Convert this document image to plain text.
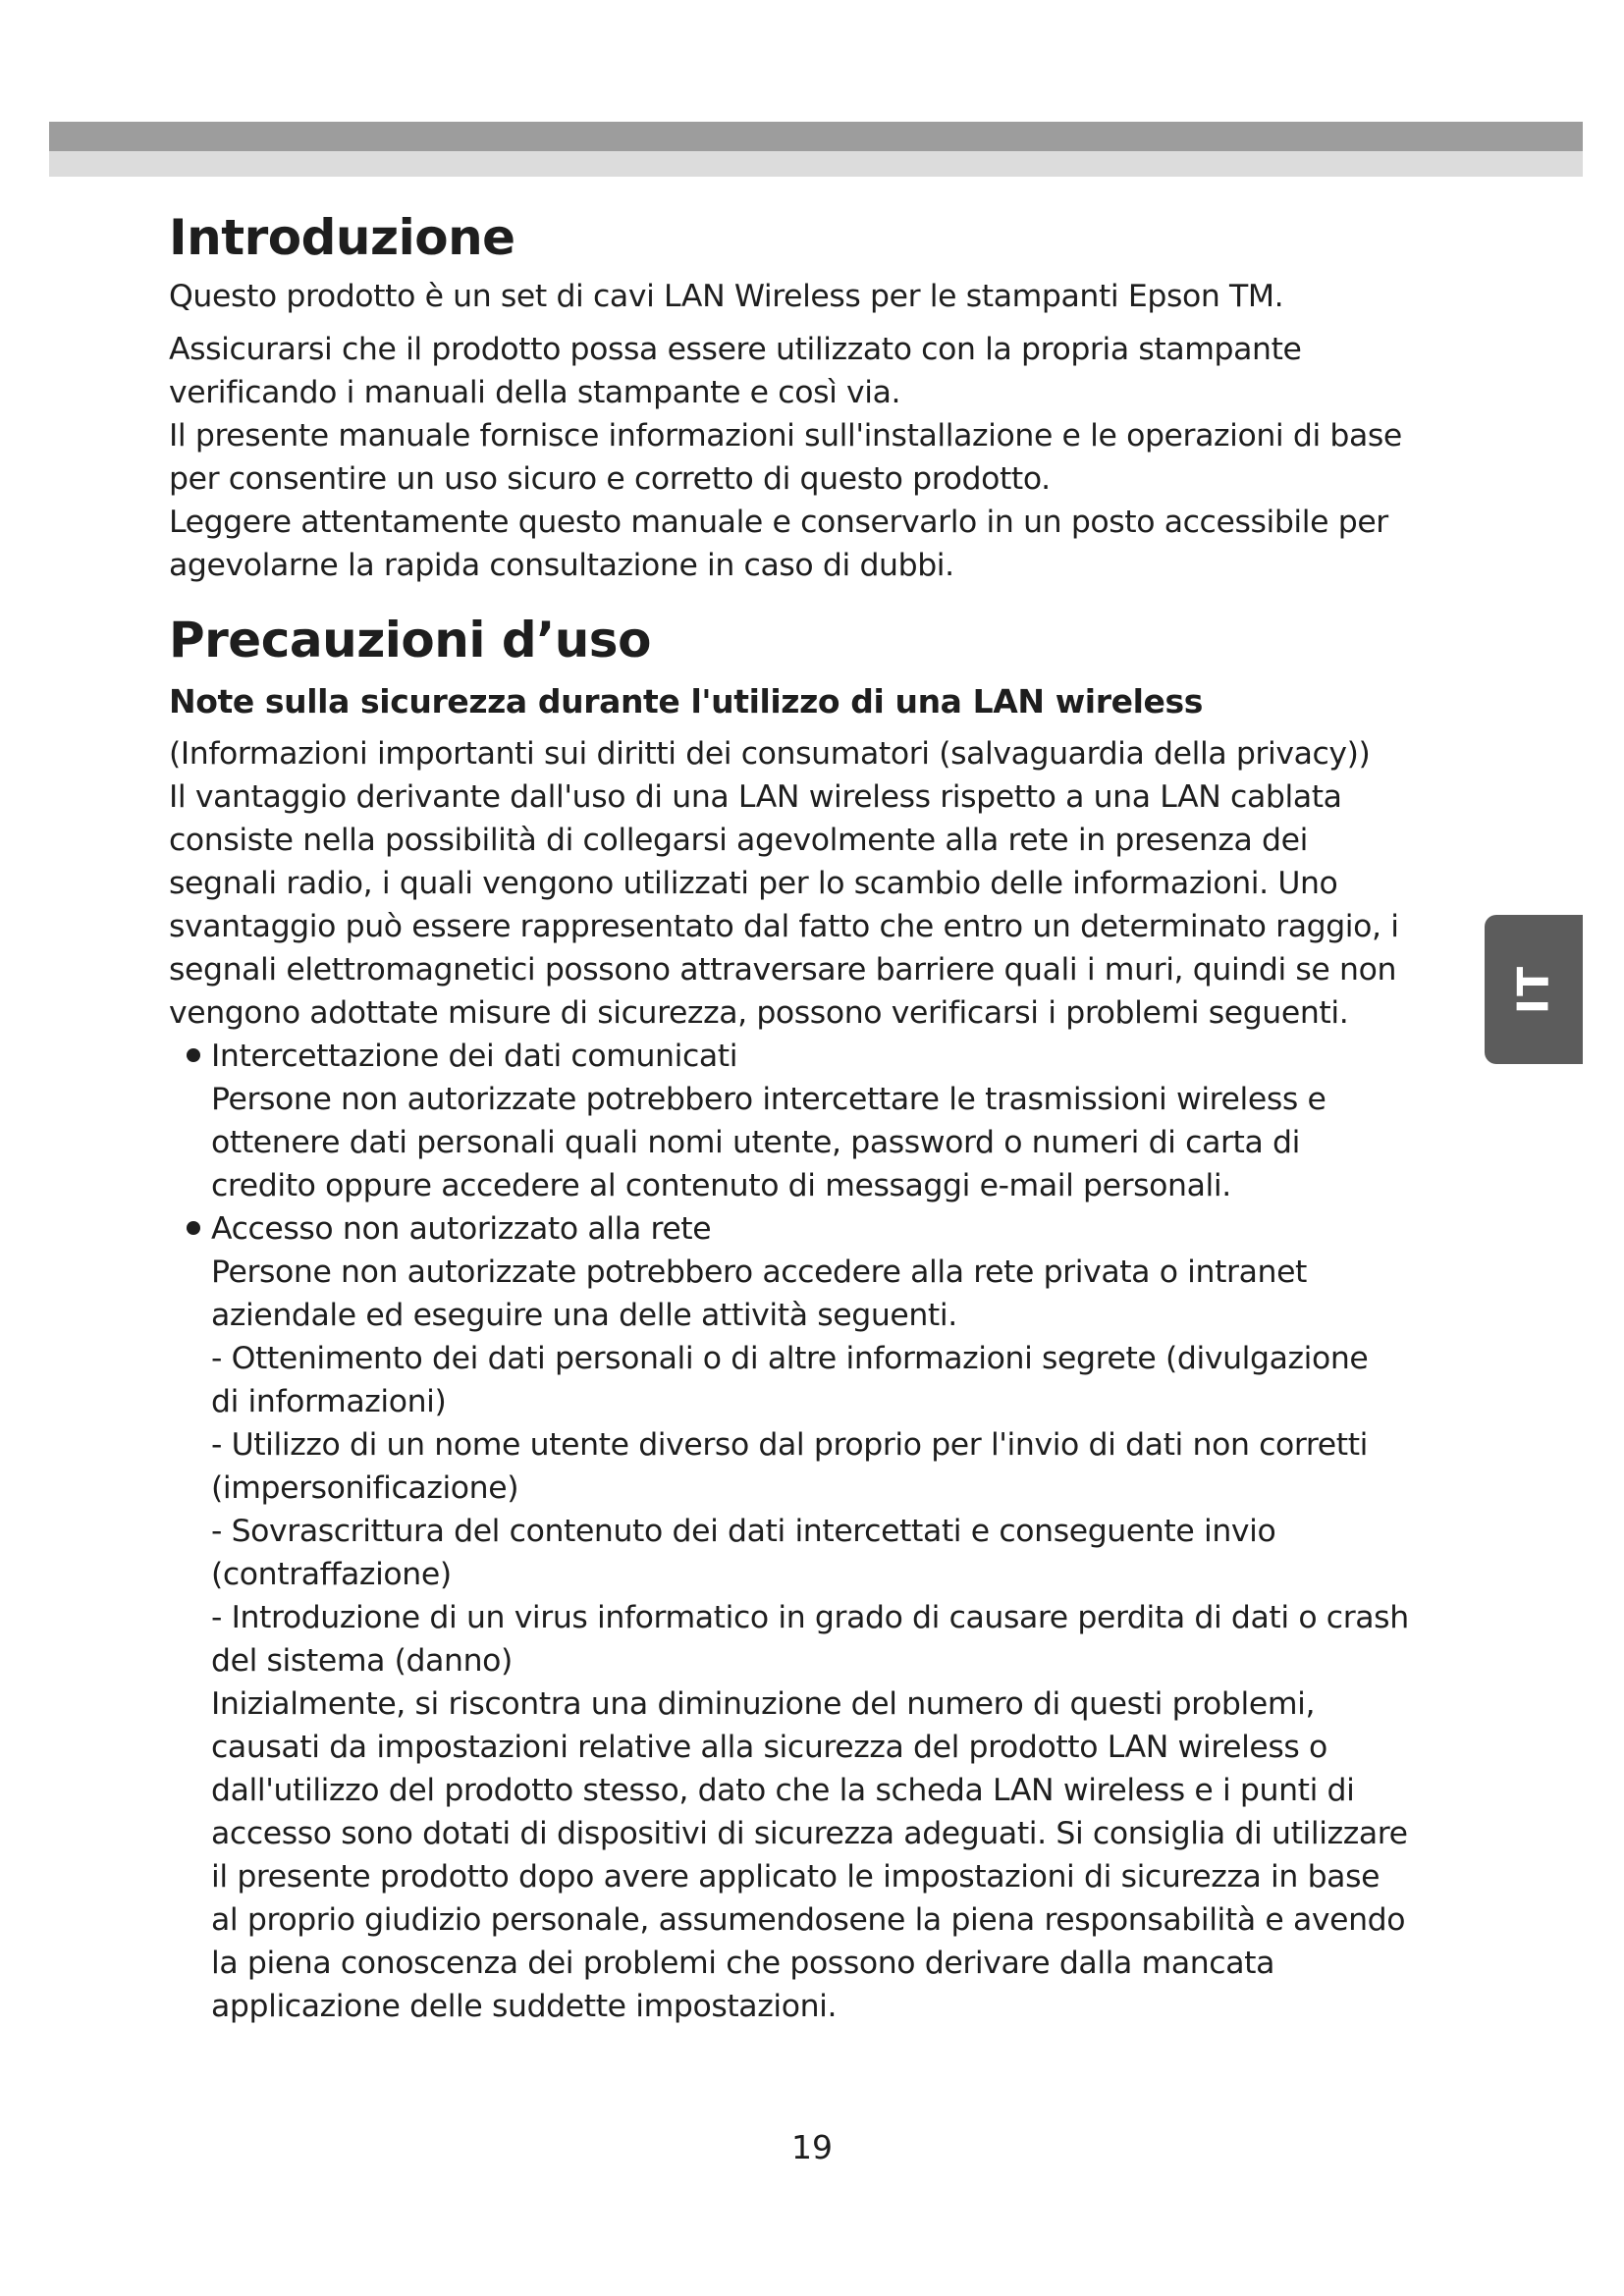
IT
Introduzione

Questo prodotto è un set di cavi LAN Wireless per le stampanti Epson TM.

Assicurarsi che il prodotto possa essere utilizzato con la propria stampante

verificando i manuali della stampante e così via.

Il presente manuale fornisce informazioni sull'installazione e le operazioni di base

per consentire un uso sicuro e corretto di questo prodotto.

Leggere attentamente questo manuale e conservarlo in un posto accessibile per

agevolarne la rapida consultazione in caso di dubbi.

Precauzioni d’uso
Note sulla sicurezza durante l'utilizzo di una LAN wireless

(Informazioni importanti sui diritti dei consumatori (salvaguardia della privacy))

Il vantaggio derivante dall'uso di una LAN wireless rispetto a una LAN cablata

consiste nella possibilità di collegarsi agevolmente alla rete in presenza dei

segnali radio, i quali vengono utilizzati per lo scambio delle informazioni. Uno

svantaggio può essere rappresentato dal fatto che entro un determinato raggio, i

segnali elettromagnetici possono attraversare barriere quali i muri, quindi se non

vengono adottate misure di sicurezza, possono verificarsi i problemi seguenti.

Intercettazione dei dati comunicati

Persone non autorizzate potrebbero intercettare le trasmissioni wireless e

ottenere dati personali quali nomi utente, password o numeri di carta di

credito oppure accedere al contenuto di messaggi e-mail personali.

Accesso non autorizzato alla rete

Persone non autorizzate potrebbero accedere alla rete privata o intranet

aziendale ed eseguire una delle attività seguenti.

- Ottenimento dei dati personali o di altre informazioni segrete (divulgazione

di informazioni)

- Utilizzo di un nome utente diverso dal proprio per l'invio di dati non corretti

(impersonificazione)

- Sovrascrittura del contenuto dei dati intercettati e conseguente invio

(contraffazione)

- Introduzione di un virus informatico in grado di causare perdita di dati o crash

del sistema (danno)

Inizialmente, si riscontra una diminuzione del numero di questi problemi,

causati da impostazioni relative alla sicurezza del prodotto LAN wireless o

dall'utilizzo del prodotto stesso, dato che la scheda LAN wireless e i punti di

accesso sono dotati di dispositivi di sicurezza adeguati. Si consiglia di utilizzare

il presente prodotto dopo avere applicato le impostazioni di sicurezza in base

al proprio giudizio personale, assumendosene la piena responsabilità e avendo

la piena conoscenza dei problemi che possono derivare dalla mancata

applicazione delle suddette impostazioni.

19
